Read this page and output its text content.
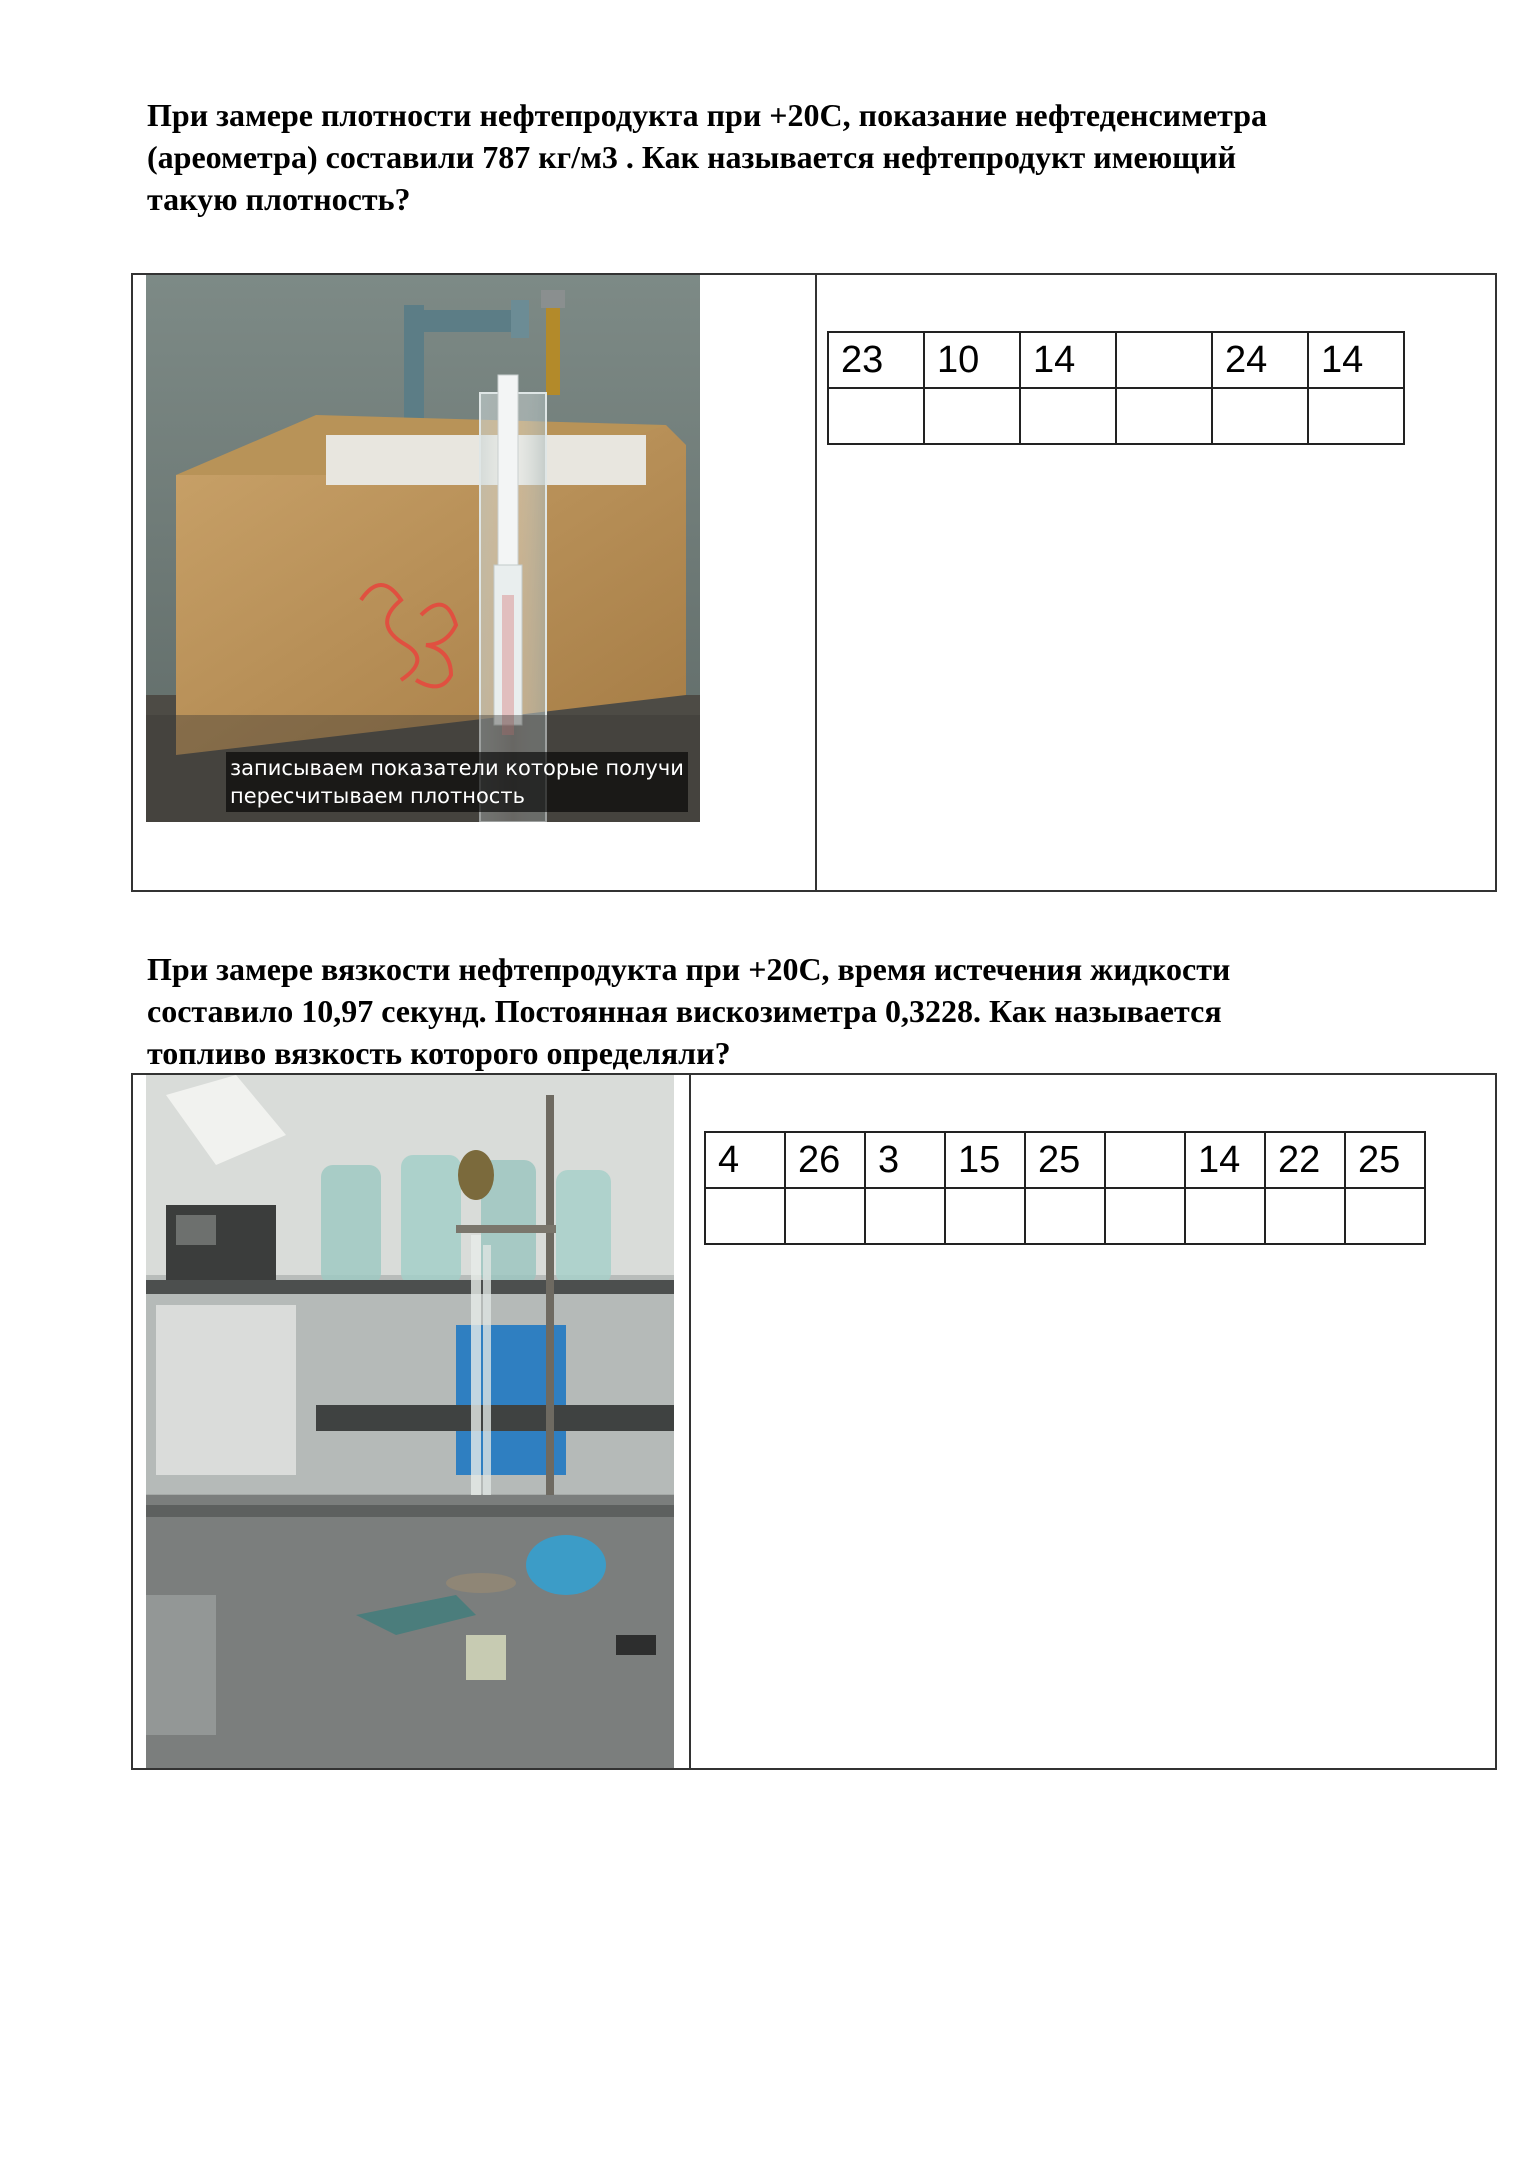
При замере плотности нефтепродукта при +20С, показание нефтеденсиметра
(ареометра) составили 787 кг/м3 . Как называется нефтепродукт имеющий
такую плотность?

записываем показатели которые получи
пересчитываем плотность
23	10	14		24	14

При замере вязкости нефтепродукта при +20С, время истечения жидкости
составило 10,97 секунд. Постоянная вискозиметра 0,3228. Как называется
топливо вязкость которого определяли?

4	26	3	15	25		14	22	25
